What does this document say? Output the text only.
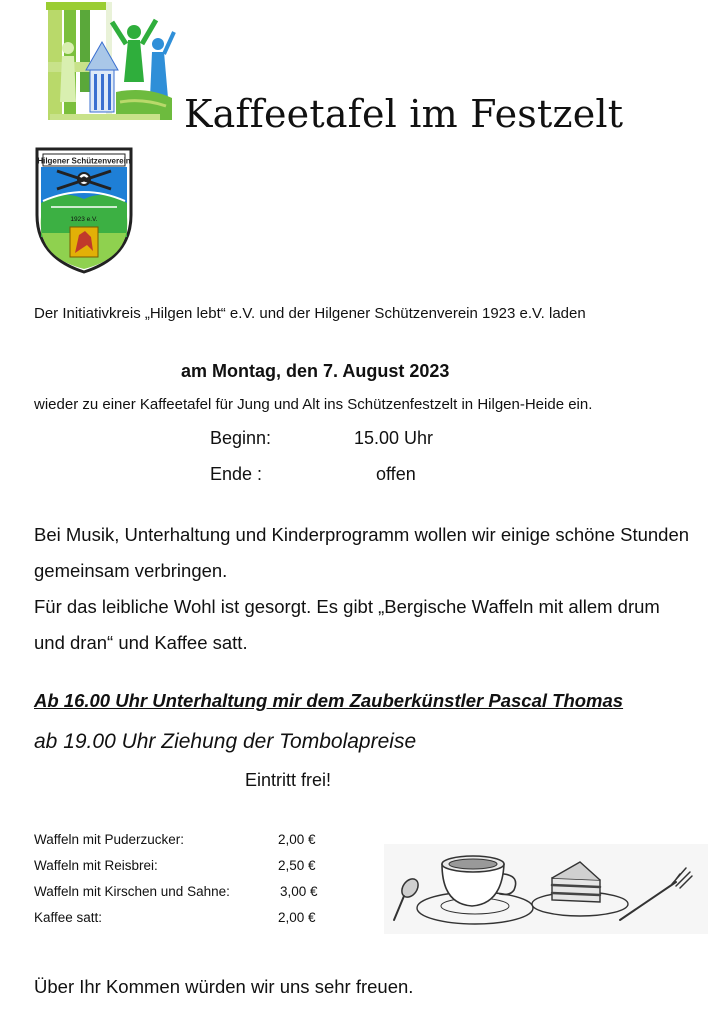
Kaffeetafel im Festzelt
Hilgener Schützenverein
1923 e.V.
Der Initiativkreis „Hilgen lebt“ e.V. und der Hilgener Schützenverein 1923 e.V. laden
am Montag, den 7. August 2023
wieder zu einer Kaffeetafel für Jung und Alt ins Schützenfestzelt in Hilgen-Heide ein.
Beginn:	15.00 Uhr
Ende :	offen
Bei Musik, Unterhaltung und Kinderprogramm wollen wir einige schöne Stunden gemeinsam verbringen.
Für das leibliche Wohl ist gesorgt. Es gibt „Bergische Waffeln mit allem drum und dran“ und Kaffee satt.
Ab 16.00 Uhr Unterhaltung mir dem Zauberkünstler Pascal Thomas
ab 19.00 Uhr Ziehung der Tombolapreise
Eintritt frei!
Waffeln mit Puderzucker:	2,00 €
Waffeln mit Reisbrei:	2,50 €
Waffeln mit Kirschen und Sahne:	3,00 €
Kaffee satt:	2,00 €
Über Ihr Kommen würden wir uns sehr freuen.
